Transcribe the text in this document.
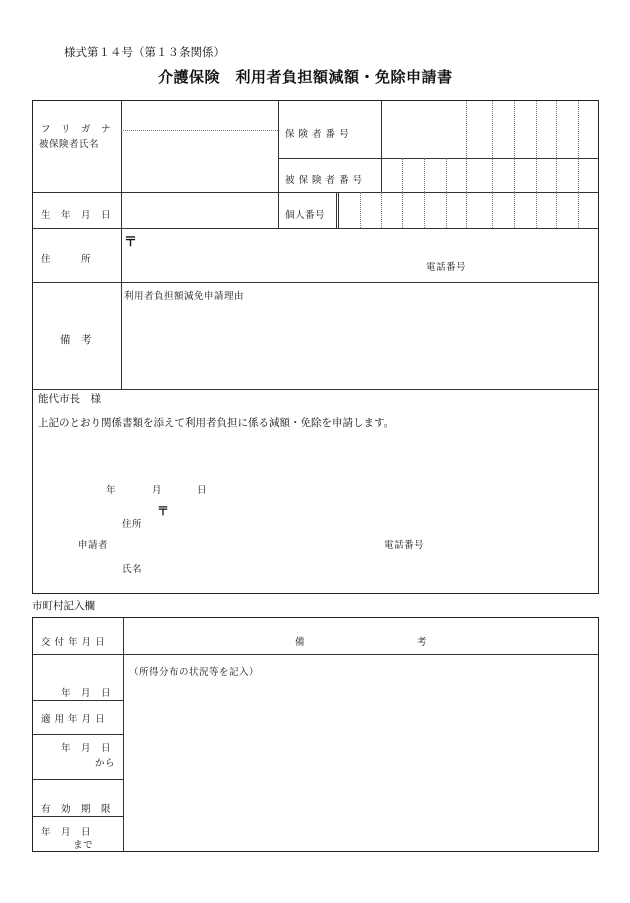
様式第１４号（第１３条関係）
介護保険　利用者負担額減額・免除申請書
フ　リ　ガ　ナ
被保険者氏名
保 険 者 番 号
被 保 険 者 番 号
生　年　月　日	個人番号
住　　　所
〒
電話番号
備　考
利用者負担額減免申請理由
能代市長　様
上記のとおり関係書類を添えて利用者負担に係る減額・免除を申請します。
年	月	日
〒
住所
申請者	電話番号
氏名
市町村記入欄
交 付 年 月 日	備	考
（所得分布の状況等を記入）
年　月　日
適 用 年 月 日
年　月　日
から
有　効　期　限
年　月　日
まで
